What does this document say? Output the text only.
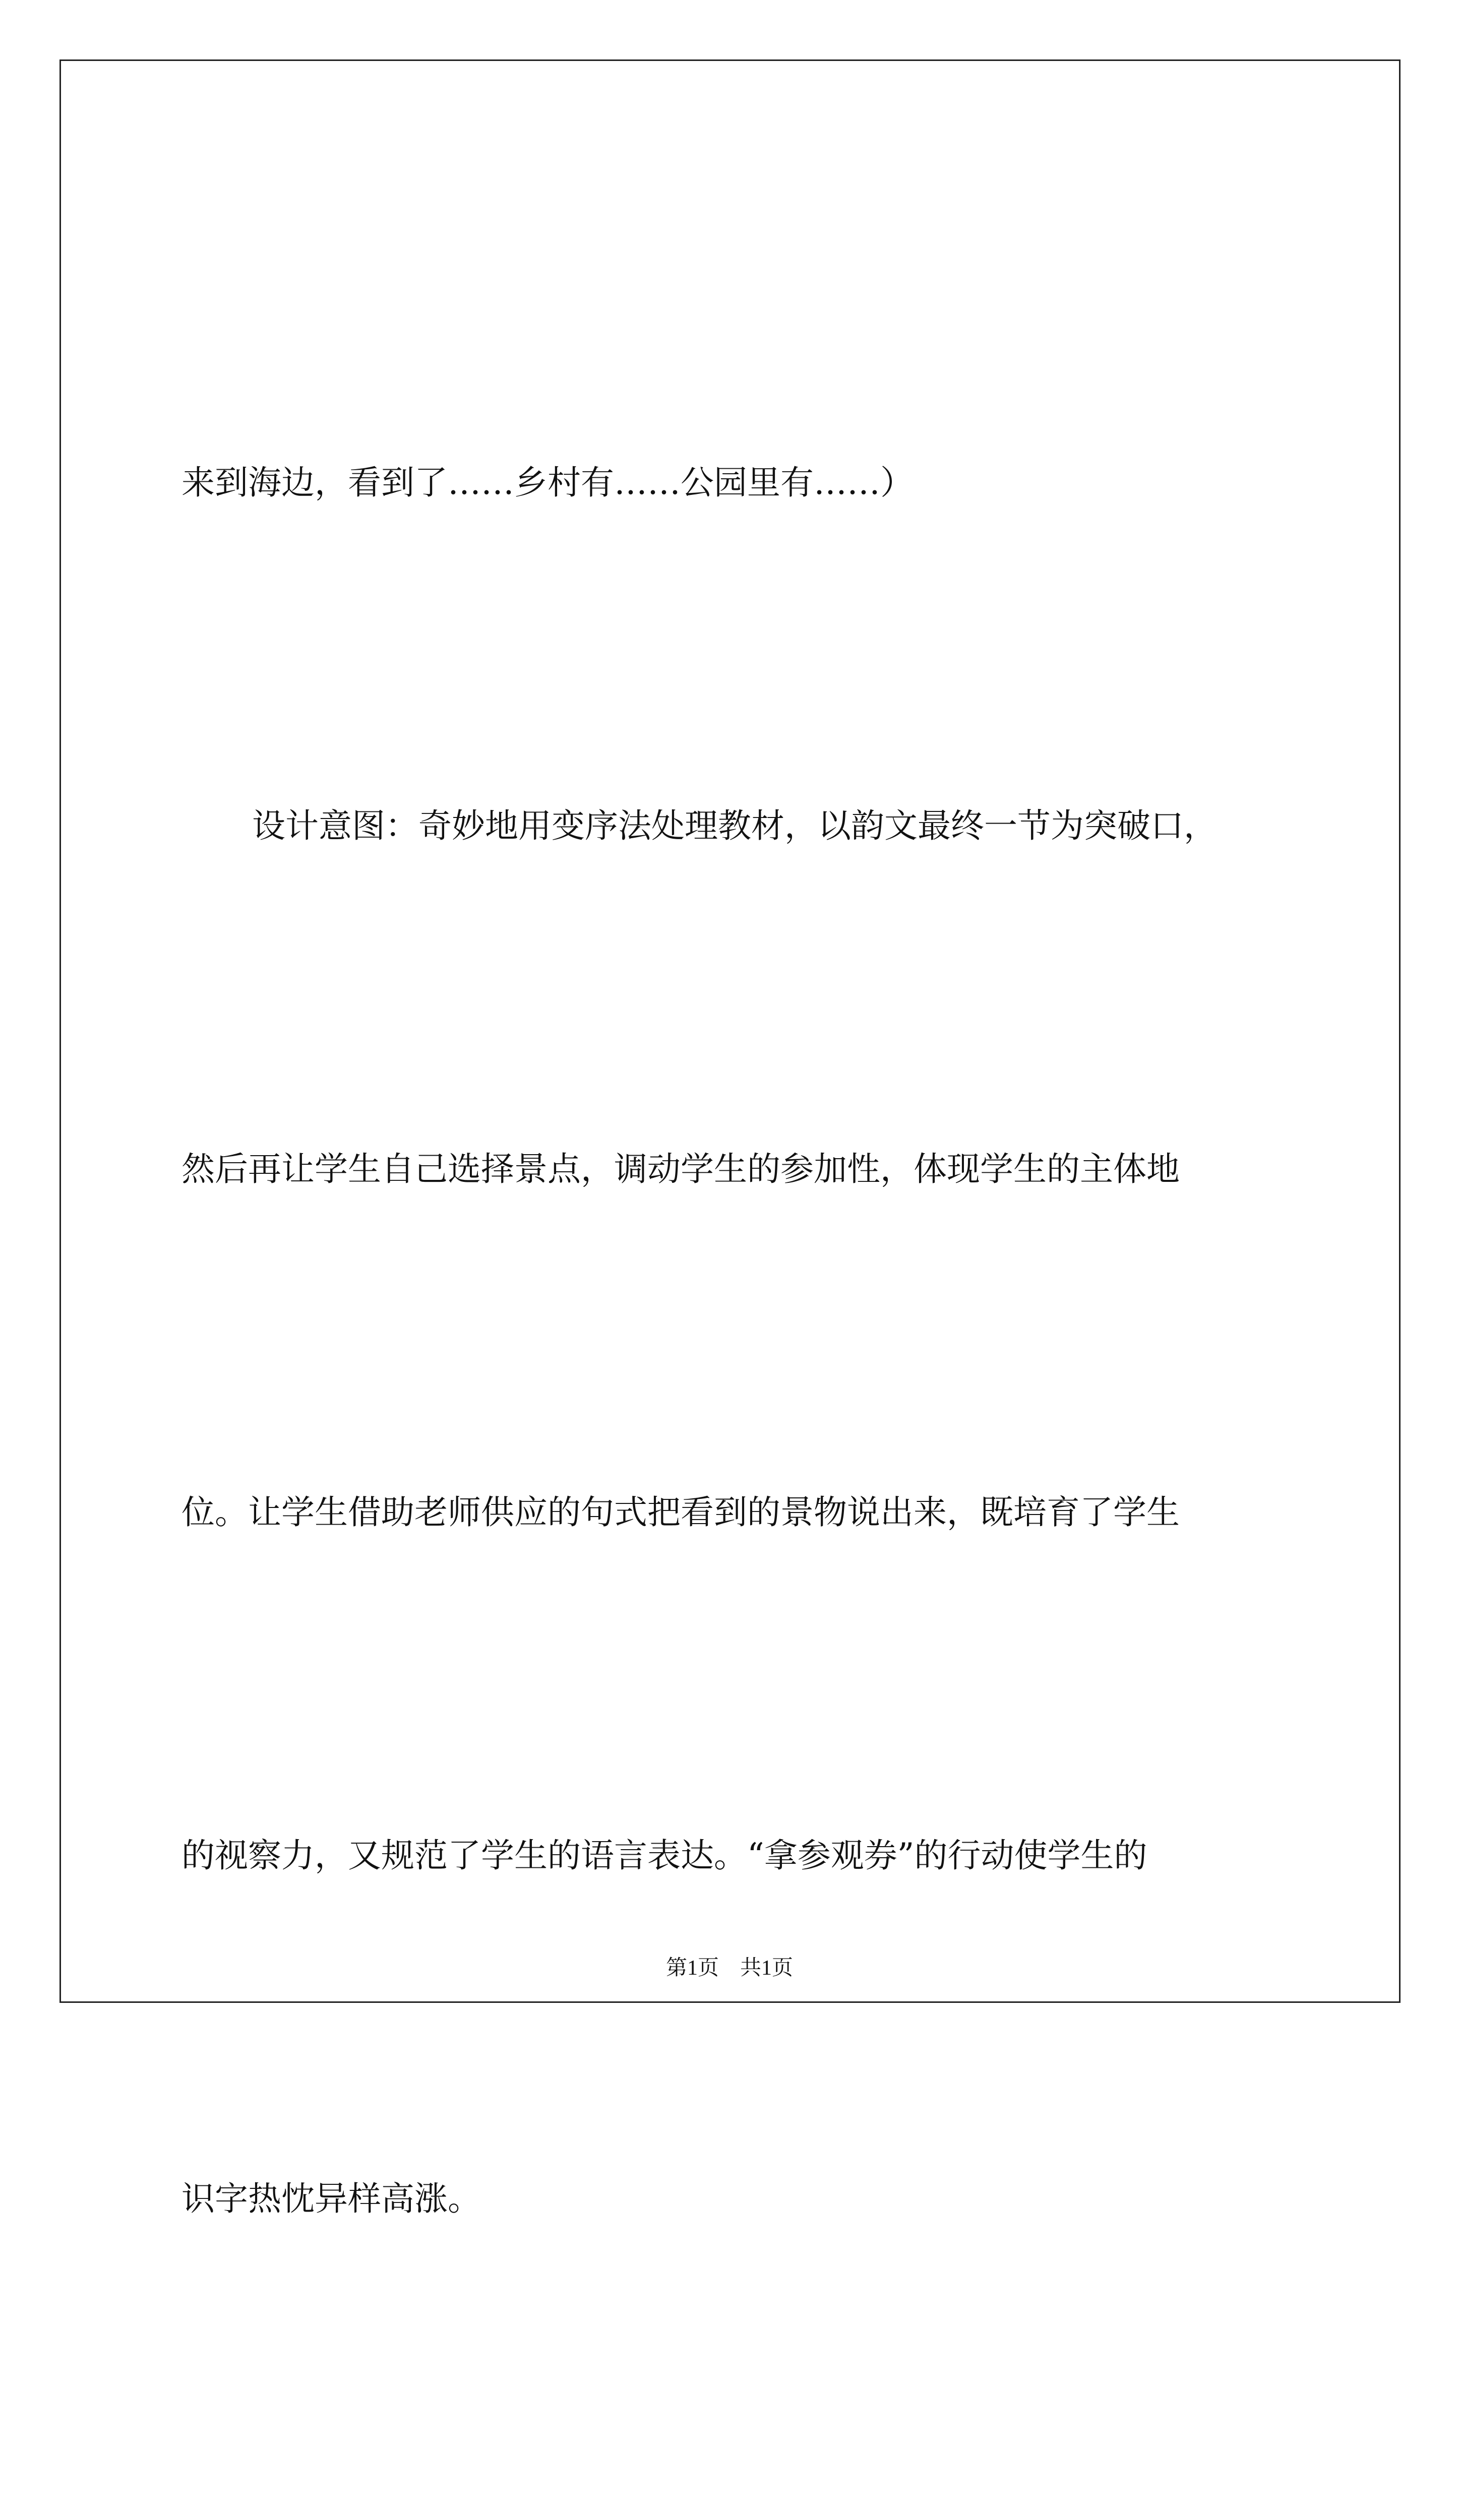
来到海边，看到了……乡村有……公园里有……）

设计意图：奇妙地用变序法处理教材，以韵文最终一节为突破口，

然后再让学生自己选择景点，调动学生的参加性，体现学生的主体地

位。让学生借助老师供应的句式把看到的景物说出来，既培育了学生

的视察力，又规范了学生的语言表达。“拿参观券”的行动使学生的

识字热忱异样高涨。

第1页　共1页
